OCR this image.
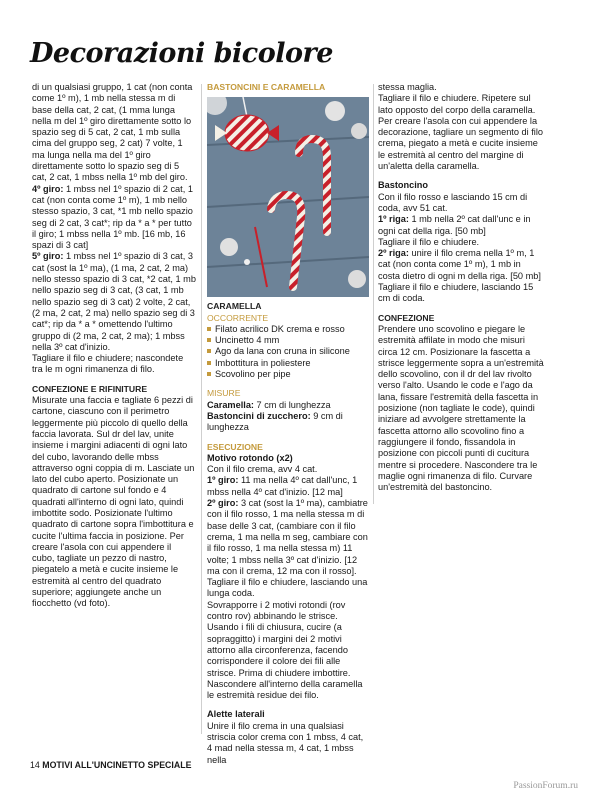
Decorazioni bicolore

di un qualsiasi gruppo, 1 cat (non conta come 1º m), 1 mb nella stessa m di base della cat, 2 cat, (1 mma lunga nella m del 1º giro direttamente sotto lo spazio seg di 5 cat, 2 cat, 1 mb sulla cima del gruppo seg, 2 cat) 7 volte, 1 ma lunga nella ma del 1º giro direttamente sotto lo spazio seg di 5 cat, 2 cat, 1 mbss nella 1º mb del giro.

4º giro: 1 mbss nel 1º spazio di 2 cat, 1 cat (non conta come 1º m), 1 mb nello stesso spazio, 3 cat, *1 mb nello spazio seg di 2 cat, 3 cat*; rip da * a * per tutto il giro; 1 mbss nella 1º mb. [16 mb, 16 spazi di 3 cat]

5º giro: 1 mbss nel 1º spazio di 3 cat, 3 cat (sost la 1º ma), (1 ma, 2 cat, 2 ma) nello stesso spazio di 3 cat, *2 cat, 1 mb nello spazio seg di 3 cat, (3 cat, 1 mb nello spazio seg di 3 cat) 2 volte, 2 cat, (2 ma, 2 cat, 2 ma) nello spazio seg di 3 cat*; rip da * a * omettendo l'ultimo gruppo di (2 ma, 2 cat, 2 ma); 1 mbss nella 3º cat d'inizio.

Tagliare il filo e chiudere; nascondete tra le m ogni rimanenza di filo.

CONFEZIONE E RIFINITURE

Misurate una faccia e tagliate 6 pezzi di cartone, ciascuno con il perimetro leggermente più piccolo di quello della faccia lavorata. Sul dr del lav, unite insieme i margini adiacenti di ogni lato del cubo, lavorando delle mbss attraverso ogni coppia di m. Lasciate un lato del cubo aperto. Posizionate un quadrato di cartone sul fondo e 4 quadrati all'interno di ogni lato, quindi imbottite sodo. Posizionate l'ultimo quadrato di cartone sopra l'imbottitura e cucite l'ultima faccia in posizione. Per creare l'asola con cui appendere il cubo, tagliate un pezzo di nastro, piegatelo a metà e cucite insieme le estremità al centro del quadrato superiore; aggiungete anche un fiocchetto (vd foto).

BASTONCINI E CARAMELLA

CARAMELLA

OCCORRENTE

Filato acrilico DK crema e rosso
Uncinetto 4 mm
Ago da lana con cruna in silicone
Imbottitura in poliestere
Scovolino per pipe

MISURE

Caramella: 7 cm di lunghezza

Bastoncini di zucchero: 9 cm di lunghezza

ESECUZIONE

Motivo rotondo (x2)

Con il filo crema, avv 4 cat.

1º giro: 11 ma nella 4º cat dall'unc, 1 mbss nella 4º cat d'inizio. [12 ma]

2º giro: 3 cat (sost la 1º ma), cambiatre con il filo rosso, 1 ma nella stessa m di base delle 3 cat, (cambiare con il filo crema, 1 ma nella m seg, cambiare con il filo rosso, 1 ma nella stessa m) 11 volte; 1 mbss nella 3º cat d'inizio. [12 ma con il crema, 12 ma con il rosso].

Tagliare il filo e chiudere, lasciando una lunga coda.

Sovrapporre i 2 motivi rotondi (rov contro rov) abbinando le strisce. Usando i fili di chiusura, cucire (a sopraggitto) i margini dei 2 motivi attorno alla circonferenza, facendo corrispondere il colore dei fili alle strisce. Prima di chiudere imbottire. Nascondere all'interno della caramella le estremità residue dei filo.

Alette laterali

Unire il filo crema in una qualsiasi striscia color crema con 1 mbss, 4 cat, 4 mad nella stessa m, 4 cat, 1 mbss nella

stessa maglia.

Tagliare il filo e chiudere. Ripetere sul lato opposto del corpo della caramella. Per creare l'asola con cui appendere la decorazione, tagliare un segmento di filo crema, piegato a metà e cucite insieme le estremità al centro del margine di un'aletta della caramella.

Bastoncino

Con il filo rosso e lasciando 15 cm di coda, avv 51 cat.

1º riga: 1 mb nella 2º cat dall'unc e in ogni cat della riga. [50 mb]

Tagliare il filo e chiudere.

2º riga: unire il filo crema nella 1º m, 1 cat (non conta come 1º m), 1 mb in costa dietro di ogni m della riga. [50 mb]

Tagliare il filo e chiudere, lasciando 15 cm di coda.

CONFEZIONE

Prendere uno scovolino e piegare le estremità affilate in modo che misuri circa 12 cm. Posizionare la fascetta a strisce leggermente sopra a un'estremità dello scovolino, con il dr del lav rivolto verso l'alto. Usando le code e l'ago da lana, fissare l'estremità della fascetta in posizione (non tagliate le code), quindi iniziare ad avvolgere strettamente la fascetta attorno allo scovolino fino a raggiungere il fondo, fissandola in posizione con piccoli punti di cucitura mentre si procedere. Nascondere tra le maglie ogni rimanenza di filo. Curvare un'estremità del bastoncino.

14 MOTIVI ALL'UNCINETTO SPECIALE
PassionForum.ru
